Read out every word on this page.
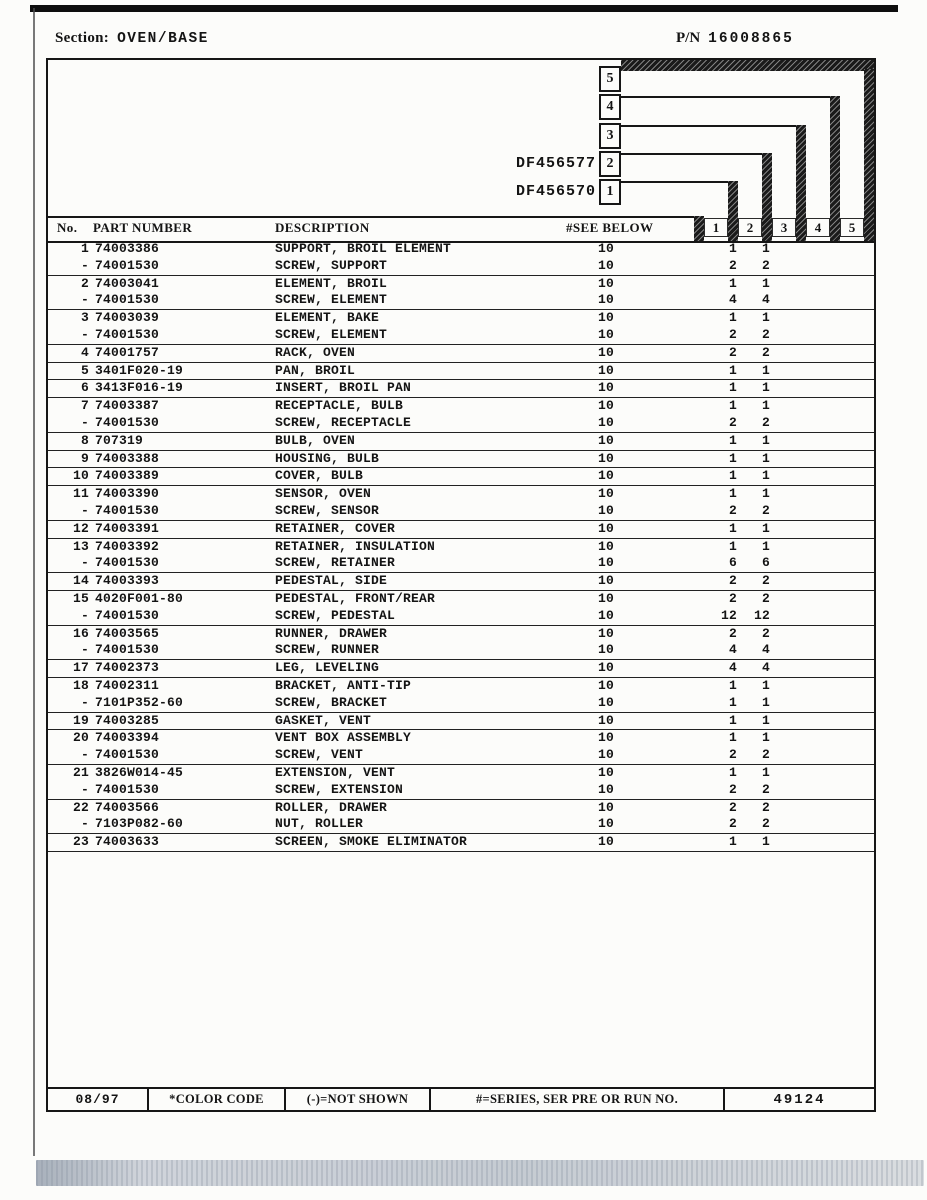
Section: OVEN/BASE	P/N 16008865
DF456577
DF456570
5
4
3
2
1
No. PART NUMBER	DESCRIPTION	#SEE BELOW	1	2	3	4	5
1 74003386	SUPPORT, BROIL ELEMENT	10	1	1
- 74001530	SCREW, SUPPORT	10	2	2
2 74003041	ELEMENT, BROIL	10	1	1
- 74001530	SCREW, ELEMENT	10	4	4
3 74003039	ELEMENT, BAKE	10	1	1
- 74001530	SCREW, ELEMENT	10	2	2
4 74001757	RACK, OVEN	10	2	2
5 3401F020-19	PAN, BROIL	10	1	1
6 3413F016-19	INSERT, BROIL PAN	10	1	1
7 74003387	RECEPTACLE, BULB	10	1	1
- 74001530	SCREW, RECEPTACLE	10	2	2
8 707319	BULB, OVEN	10	1	1
9 74003388	HOUSING, BULB	10	1	1
10 74003389	COVER, BULB	10	1	1
11 74003390	SENSOR, OVEN	10	1	1
- 74001530	SCREW, SENSOR	10	2	2
12 74003391	RETAINER, COVER	10	1	1
13 74003392	RETAINER, INSULATION	10	1	1
- 74001530	SCREW, RETAINER	10	6	6
14 74003393	PEDESTAL, SIDE	10	2	2
15 4020F001-80	PEDESTAL, FRONT/REAR	10	2	2
- 74001530	SCREW, PEDESTAL	10	12	12
16 74003565	RUNNER, DRAWER	10	2	2
- 74001530	SCREW, RUNNER	10	4	4
17 74002373	LEG, LEVELING	10	4	4
18 74002311	BRACKET, ANTI-TIP	10	1	1
- 7101P352-60	SCREW, BRACKET	10	1	1
19 74003285	GASKET, VENT	10	1	1
20 74003394	VENT BOX ASSEMBLY	10	1	1
- 74001530	SCREW, VENT	10	2	2
21 3826W014-45	EXTENSION, VENT	10	1	1
- 74001530	SCREW, EXTENSION	10	2	2
22 74003566	ROLLER, DRAWER	10	2	2
- 7103P082-60	NUT, ROLLER	10	2	2
23 74003633	SCREEN, SMOKE ELIMINATOR	10	1	1
08/97	*COLOR CODE	(-)=NOT SHOWN	#=SERIES, SER PRE OR RUN NO.	49124
